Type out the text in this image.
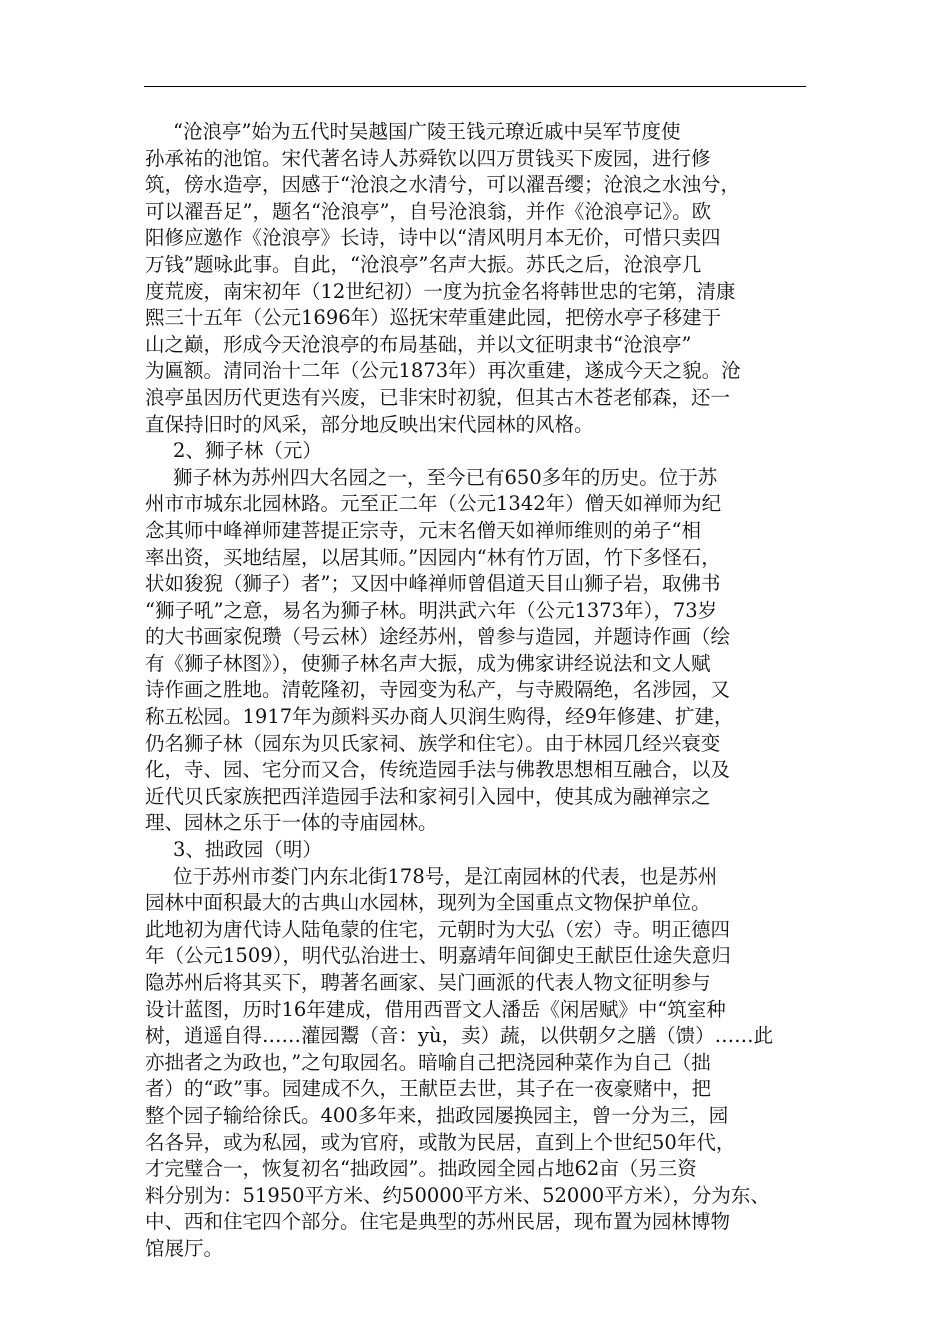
“沧浪亭”始为五代时吴越国广陵王钱元璙近戚中吴军节度使

孙承祐的池馆。宋代著名诗人苏舜钦以四万贯钱买下废园，进行修

筑，傍水造亭，因感于“沧浪之水清兮，可以濯吾缨；沧浪之水浊兮，

可以濯吾足”，题名“沧浪亭”，自号沧浪翁，并作《沧浪亭记》。欧

阳修应邀作《沧浪亭》长诗，诗中以“清风明月本无价，可惜只卖四

万钱”题咏此事。自此，“沧浪亭”名声大振。苏氏之后，沧浪亭几

度荒废，南宋初年（12世纪初）一度为抗金名将韩世忠的宅第，清康

熙三十五年（公元1696年）巡抚宋荦重建此园，把傍水亭子移建于

山之巅，形成今天沧浪亭的布局基础，并以文征明隶书“沧浪亭”

为匾额。清同治十二年（公元1873年）再次重建，遂成今天之貌。沧

浪亭虽因历代更迭有兴废，已非宋时初貌，但其古木苍老郁森，还一

直保持旧时的风采，部分地反映出宋代园林的风格。

2、狮子林（元）

狮子林为苏州四大名园之一，至今已有650多年的历史。位于苏

州市市城东北园林路。元至正二年（公元1342年）僧天如禅师为纪

念其师中峰禅师建菩提正宗寺，元末名僧天如禅师维则的弟子“相

率出资，买地结屋，以居其师。”因园内“林有竹万固，竹下多怪石，

状如狻猊（狮子）者”；又因中峰禅师曾倡道天目山狮子岩，取佛书

“狮子吼”之意，易名为狮子林。明洪武六年（公元1373年），73岁

的大书画家倪瓒（号云林）途经苏州，曾参与造园，并题诗作画（绘

有《狮子林图》），使狮子林名声大振，成为佛家讲经说法和文人赋

诗作画之胜地。清乾隆初，寺园变为私产，与寺殿隔绝，名涉园，又

称五松园。1917年为颜料买办商人贝润生购得，经9年修建、扩建，

仍名狮子林（园东为贝氏家祠、族学和住宅）。由于林园几经兴衰变

化，寺、园、宅分而又合，传统造园手法与佛教思想相互融合，以及

近代贝氏家族把西洋造园手法和家祠引入园中，使其成为融禅宗之

理、园林之乐于一体的寺庙园林。

3、拙政园（明）

位于苏州市娄门内东北街178号，是江南园林的代表，也是苏州

园林中面积最大的古典山水园林，现列为全国重点文物保护单位。

此地初为唐代诗人陆龟蒙的住宅，元朝时为大弘（宏）寺。明正德四

年（公元1509），明代弘治进士、明嘉靖年间御史王献臣仕途失意归

隐苏州后将其买下，聘著名画家、吴门画派的代表人物文征明参与

设计蓝图，历时16年建成，借用西晋文人潘岳《闲居赋》中“筑室种

树，逍遥自得……灌园鬻（音：yù，卖）蔬，以供朝夕之膳（馈）……此

亦拙者之为政也，”之句取园名。暗喻自己把浇园种菜作为自己（拙

者）的“政”事。园建成不久，王献臣去世，其子在一夜豪赌中，把

整个园子输给徐氏。400多年来，拙政园屡换园主，曾一分为三，园

名各异，或为私园，或为官府，或散为民居，直到上个世纪50年代，

才完璧合一，恢复初名“拙政园”。拙政园全园占地62亩（另三资

料分别为：51950平方米、约50000平方米、52000平方米），分为东、

中、西和住宅四个部分。住宅是典型的苏州民居，现布置为园林博物

馆展厅。
